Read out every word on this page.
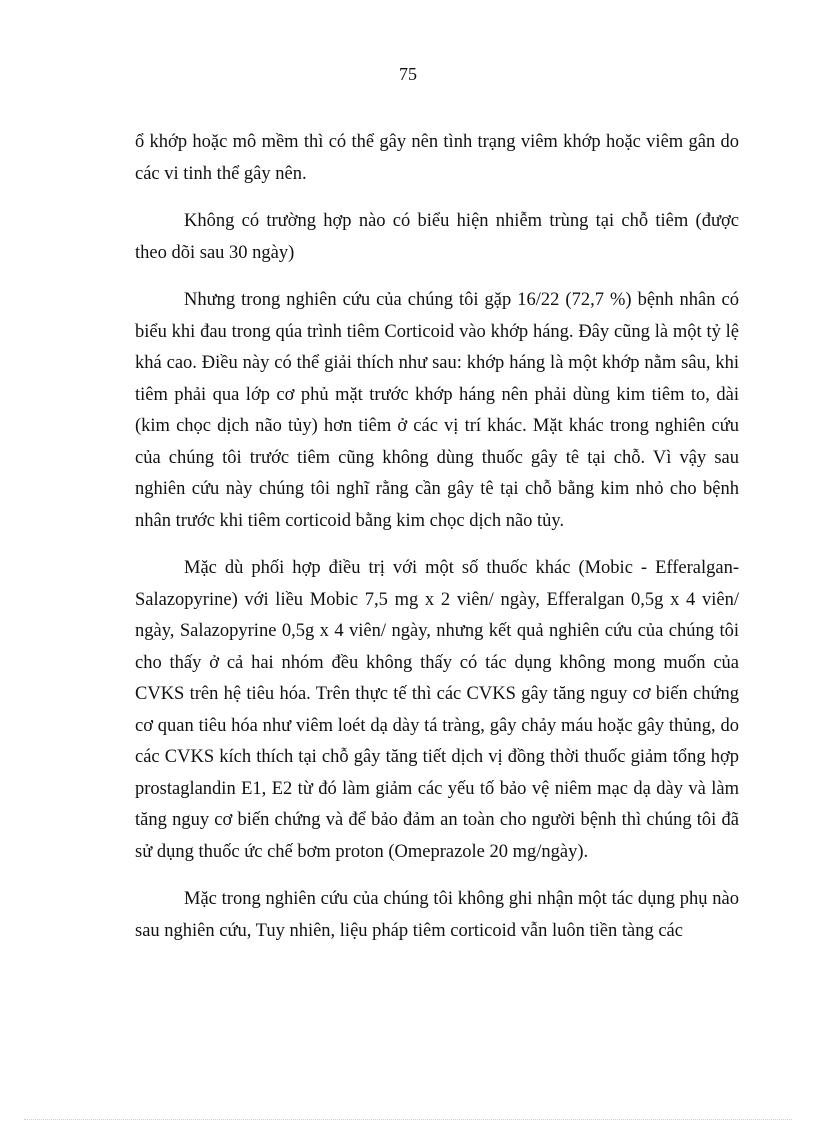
75

ổ khớp hoặc mô mềm thì có thể gây nên tình trạng viêm khớp hoặc viêm gân do các vi tinh thể gây nên.

Không có trường hợp nào có biểu hiện nhiễm trùng tại chỗ tiêm (được theo dõi sau 30 ngày)

Nhưng trong nghiên cứu của chúng tôi gặp 16/22 (72,7 %) bệnh nhân có biểu khi đau trong qúa trình tiêm Corticoid vào khớp háng. Đây cũng là một tỷ lệ khá cao. Điều này có thể giải thích như sau: khớp háng là một khớp nằm sâu, khi tiêm phải qua lớp cơ phủ mặt trước khớp háng nên phải dùng kim tiêm to, dài (kim chọc dịch não tủy) hơn tiêm ở các vị trí khác. Mặt khác trong nghiên cứu của chúng tôi trước tiêm cũng không dùng thuốc gây tê tại chỗ. Vì vậy sau nghiên cứu này chúng tôi nghĩ rằng cần gây tê tại chỗ bằng kim nhỏ cho bệnh nhân trước khi tiêm corticoid bằng kim chọc dịch não tủy.

Mặc dù phối hợp điều trị với một số thuốc khác (Mobic - Efferalgan- Salazopyrine) với liều Mobic 7,5 mg x 2 viên/ ngày, Efferalgan 0,5g x 4 viên/ ngày, Salazopyrine 0,5g x 4 viên/ ngày, nhưng kết quả nghiên cứu của chúng tôi cho thấy ở cả hai nhóm đều không thấy có tác dụng không mong muốn của CVKS trên hệ tiêu hóa. Trên thực tế thì các CVKS gây tăng nguy cơ biến chứng cơ quan tiêu hóa như viêm loét dạ dày tá tràng, gây chảy máu hoặc gây thủng, do các CVKS kích thích tại chỗ gây tăng tiết dịch vị đồng thời thuốc giảm tổng hợp prostaglandin E1, E2 từ đó làm giảm các yếu tố bảo vệ niêm mạc dạ dày và làm tăng nguy cơ biến chứng và để bảo đảm an toàn cho người bệnh thì chúng tôi đã sử dụng thuốc ức chế bơm proton (Omeprazole 20 mg/ngày).

Mặc trong nghiên cứu của chúng tôi không ghi nhận một tác dụng phụ nào sau nghiên cứu, Tuy nhiên, liệu pháp tiêm corticoid vẫn luôn tiền tàng các
